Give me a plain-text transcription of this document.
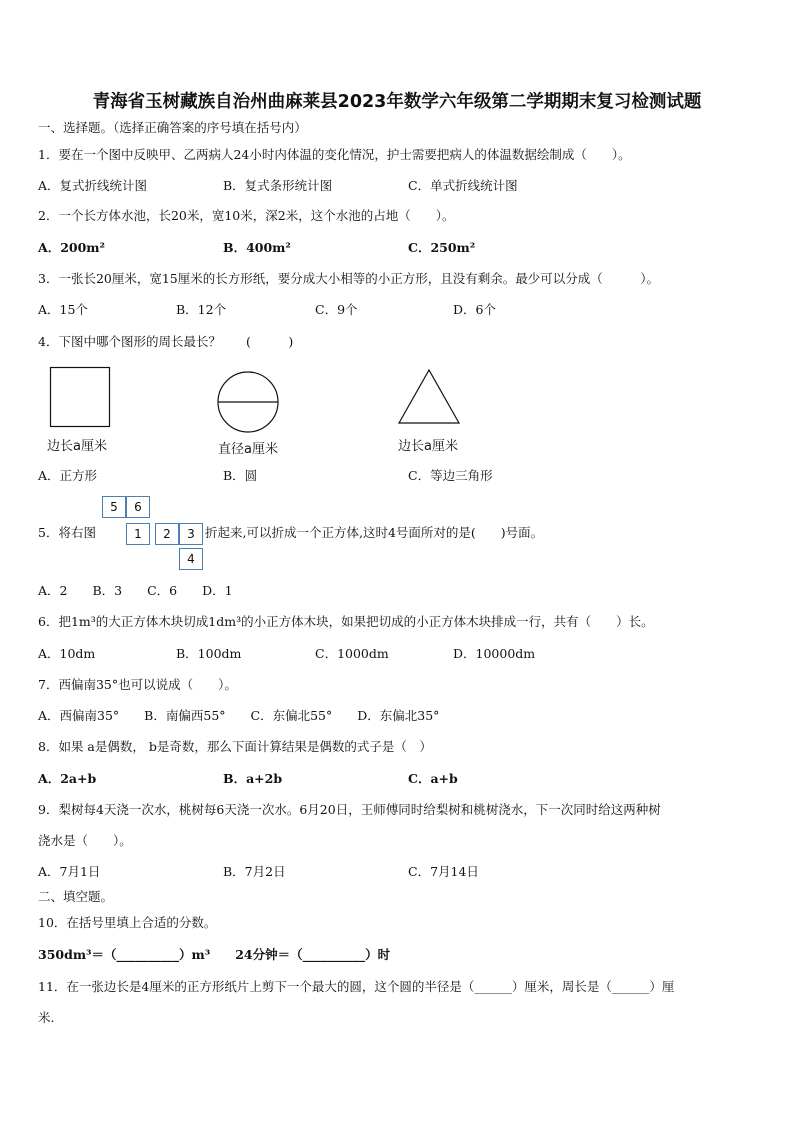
青海省玉树藏族自治州曲麻莱县2023年数学六年级第二学期期末复习检测试题
一、选择题。（选择正确答案的序号填在括号内）
1．要在一个图中反映甲、乙两病人24小时内体温的变化情况，护士需要把病人的体温数据绘制成（　　）。
A．复式折线统计图	B．复式条形统计图	C．单式折线统计图
2．一个长方体水池，长20米，宽10米，深2米，这个水池的占地（　　）。
A．200m²	B．400m²	C．250m²
3．一张长20厘米，宽15厘米的长方形纸，要分成大小相等的小正方形，且没有剩余。最少可以分成（　　　）。
A．15个	B．12个	C．9个	D．6个
4．下图中哪个图形的周长最长？　　(　　　)
边长a厘米	直径a厘米	边长a厘米
A．正方形	B．圆	C．等边三角形
5．将右图
5	6
1	2	3
4
折起来,可以折成一个正方体,这时4号面所对的是(　　)号面。
A．2　　B．3　　C．6　　D．1
6．把1m³的大正方体木块切成1dm³的小正方体木块，如果把切成的小正方体木块排成一行，共有（　　）长。
A．10dm	B．100dm	C．1000dm	D．10000dm
7．西偏南35°也可以说成（　　）。
A．西偏南35°　　B．南偏西55°　　C．东偏北55°　　D．东偏北35°
8．如果 a是偶数， b是奇数，那么下面计算结果是偶数的式子是（　）
A．2a+b	B．a+2b	C．a+b
9．梨树每4天浇一次水，桃树每6天浇一次水。6月20日，王师傅同时给梨树和桃树浇水，下一次同时给这两种树
浇水是（　　）。
A．7月1日	B．7月2日	C．7月14日
二、填空题。
10．在括号里填上合适的分数。
350dm³＝（__________）m³　　24分钟＝（__________）时
11．在一张边长是4厘米的正方形纸片上剪下一个最大的圆，这个圆的半径是（______）厘米，周长是（______）厘
米.
